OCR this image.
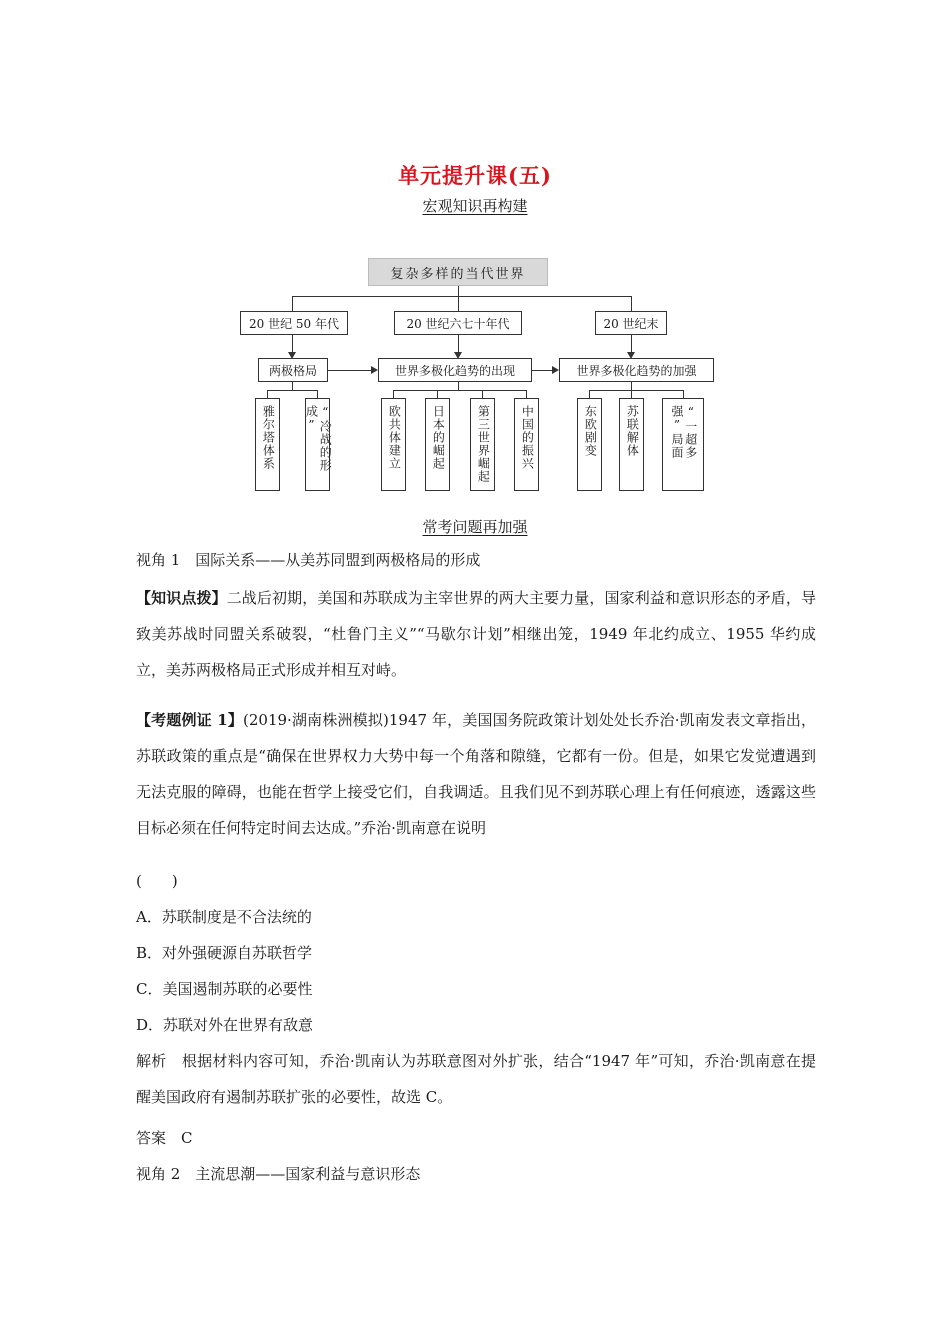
单元提升课(五)
宏观知识再构建
复杂多样的当代世界
20 世纪 50 年代	20 世纪六七十年代	20 世纪末
两极格局	世界多极化趋势的出现	世界多极化趋势的加强
雅尔塔体系	“冷战的形成”	欧共体建立	日本的崛起	第三世界崛起	中国的振兴	东欧剧变	苏联解体	“一超多强”局面
常考问题再加强
视角 1　国际关系——从美苏同盟到两极格局的形成

【知识点拨】二战后初期，美国和苏联成为主宰世界的两大主要力量，国家利益和意识形态的矛盾，导致美苏战时同盟关系破裂，“杜鲁门主义”“马歇尔计划”相继出笼，1949 年北约成立、1955 华约成立，美苏两极格局正式形成并相互对峙。

【考题例证 1】(2019·湖南株洲模拟)1947 年，美国国务院政策计划处处长乔治·凯南发表文章指出，苏联政策的重点是“确保在世界权力大势中每一个角落和隙缝，它都有一份。但是，如果它发觉遭遇到无法克服的障碍，也能在哲学上接受它们，自我调适。且我们见不到苏联心理上有任何痕迹，透露这些目标必须在任何特定时间去达成。”乔治·凯南意在说明

(　　)
A．苏联制度是不合法统的
B．对外强硬源自苏联哲学
C．美国遏制苏联的必要性
D．苏联对外在世界有敌意

解析　根据材料内容可知，乔治·凯南认为苏联意图对外扩张，结合“1947 年”可知，乔治·凯南意在提醒美国政府有遏制苏联扩张的必要性，故选 C。

答案　C
视角 2　主流思潮——国家利益与意识形态
